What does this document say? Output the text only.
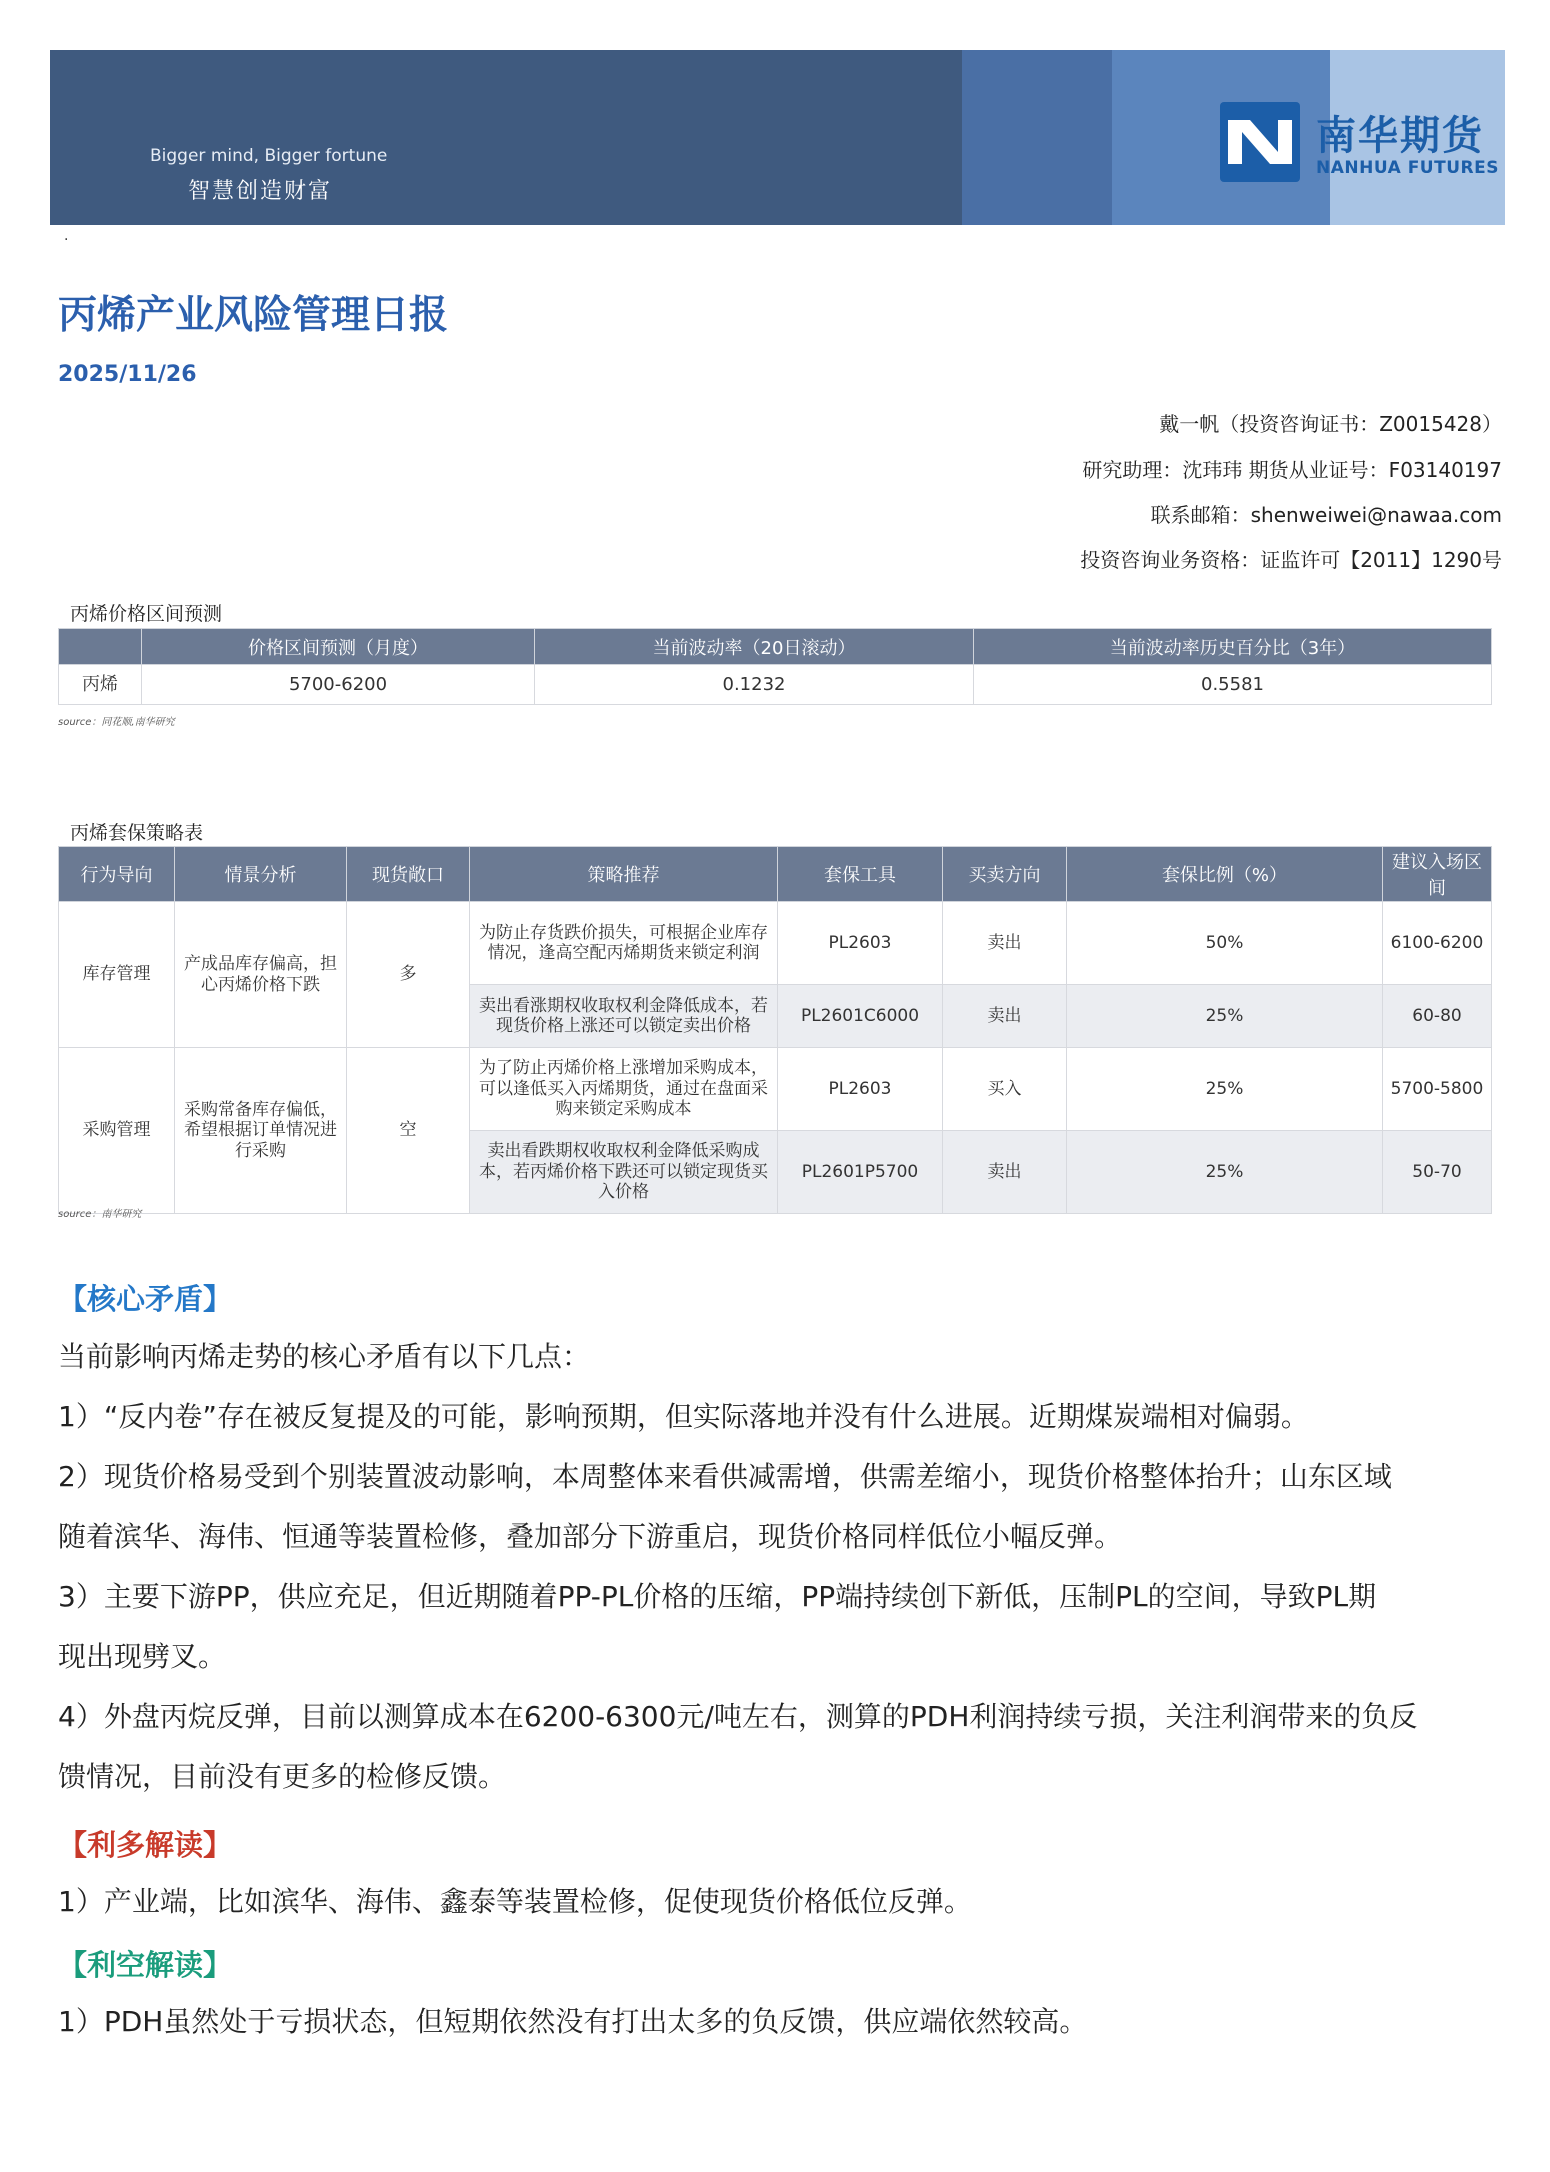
Bigger mind, Bigger fortune
智慧创造财富
南华期货
NANHUA FUTURES
.
丙烯产业风险管理日报
2025/11/26
戴一帆（投资咨询证书：Z0015428）
研究助理：沈玮玮 期货从业证号：F03140197
联系邮箱：shenweiwei@nawaa.com
投资咨询业务资格：证监许可【2011】1290号
丙烯价格区间预测
	价格区间预测（月度）	当前波动率（20日滚动）	当前波动率历史百分比（3年）
丙烯	5700-6200	0.1232	0.5581
source：同花顺,南华研究
丙烯套保策略表
行为导向	情景分析	现货敞口	策略推荐	套保工具	买卖方向	套保比例（%）	建议入场区间
库存管理	产成品库存偏高，担心丙烯价格下跌	多	为防止存货跌价损失，可根据企业库存情况，逢高空配丙烯期货来锁定利润	PL2603	卖出	50%	6100-6200
			卖出看涨期权收取权利金降低成本，若现货价格上涨还可以锁定卖出价格	PL2601C6000	卖出	25%	60-80
采购管理	采购常备库存偏低，希望根据订单情况进行采购	空	为了防止丙烯价格上涨增加采购成本，可以逢低买入丙烯期货，通过在盘面采购来锁定采购成本	PL2603	买入	25%	5700-5800
			卖出看跌期权收取权利金降低采购成本，若丙烯价格下跌还可以锁定现货买入价格	PL2601P5700	卖出	25%	50-70
source：南华研究
【核心矛盾】
当前影响丙烯走势的核心矛盾有以下几点：
1）“反内卷”存在被反复提及的可能，影响预期，但实际落地并没有什么进展。近期煤炭端相对偏弱。
2）现货价格易受到个别装置波动影响，本周整体来看供减需增，供需差缩小，现货价格整体抬升；山东区域
随着滨华、海伟、恒通等装置检修，叠加部分下游重启，现货价格同样低位小幅反弹。
3）主要下游PP，供应充足，但近期随着PP-PL价格的压缩，PP端持续创下新低，压制PL的空间，导致PL期
现出现劈叉。
4）外盘丙烷反弹，目前以测算成本在6200-6300元/吨左右，测算的PDH利润持续亏损，关注利润带来的负反
馈情况，目前没有更多的检修反馈。
【利多解读】
1）产业端，比如滨华、海伟、鑫泰等装置检修，促使现货价格低位反弹。
【利空解读】
1）PDH虽然处于亏损状态，但短期依然没有打出太多的负反馈，供应端依然较高。
